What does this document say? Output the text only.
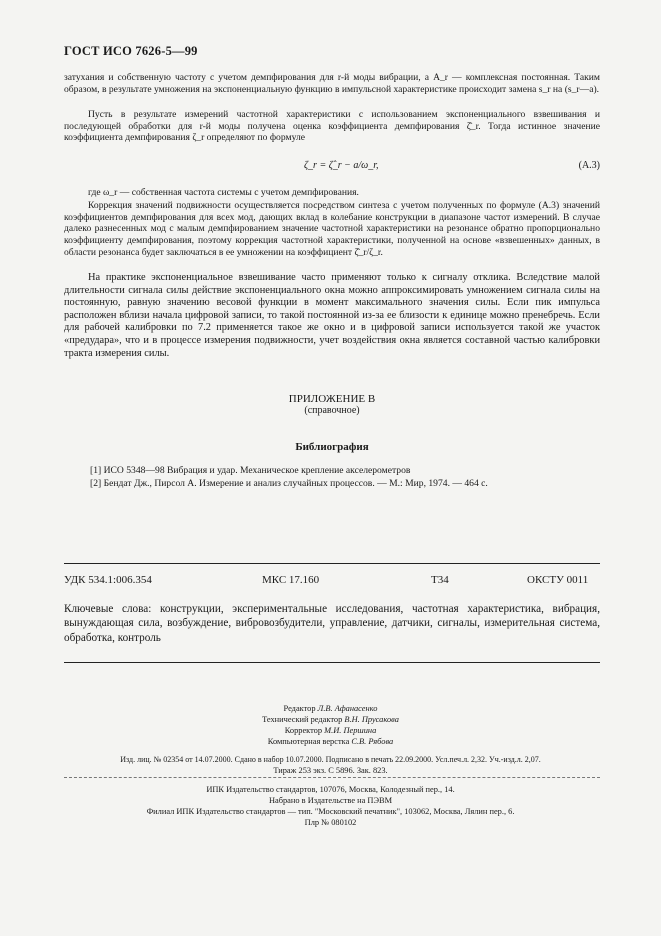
ГОСТ ИСО 7626-5—99
затухания и собственную частоту с учетом демпфирования для r-й моды вибрации, а A_r — комплексная постоянная. Таким образом, в результате умножения на экспоненциальную функцию в импульсной характеристике происходит замена s_r на (s_r—a).
Пусть в результате измерений частотной характеристики с использованием экспоненциального взвешивания и последующей обработки для r-й моды получена оценка коэффициента демпфирования ζ̂_r. Тогда истинное значение коэффициента демпфирования ζ_r определяют по формуле
ζ_r = ζ̂_r − a/ω_r,	(А.3)
где ω_r — собственная частота системы с учетом демпфирования.
Коррекция значений подвижности осуществляется посредством синтеза с учетом полученных по формуле (А.3) значений коэффициентов демпфирования для всех мод, дающих вклад в колебание конструкции в диапазоне частот измерений. В случае далеко разнесенных мод с малым демпфированием значение частотной характеристики на резонансе обратно пропорционально коэффициенту демпфирования, поэтому коррекция частотной характеристики, полученной на основе «взвешенных» данных, в области резонанса будет заключаться в ее умножении на коэффициент ζ̂_r/ζ_r.
На практике экспоненциальное взвешивание часто применяют только к сигналу отклика. Вследствие малой длительности сигнала силы действие экспоненциального окна можно аппроксимировать умножением сигнала силы на постоянную, равную значению весовой функции в момент максимального значения силы. Если пик импульса расположен вблизи начала цифровой записи, то такой постоянной из-за ее близости к единице можно пренебречь. Если для рабочей калибровки по 7.2 применяется такое же окно и в цифровой записи используется такой же участок «предудара», что и в процессе измерения подвижности, учет воздействия окна является составной частью калибровки тракта измерения силы.
ПРИЛОЖЕНИЕ В
(справочное)
Библиография
[1] ИСО 5348—98 Вибрация и удар. Механическое крепление акселерометров
[2] Бендат Дж., Пирсол А. Измерение и анализ случайных процессов. — М.: Мир, 1974. — 464 с.
УДК 534.1:006.354	МКС 17.160	Т34	ОКСТУ 0011
Ключевые слова: конструкции, экспериментальные исследования, частотная характеристика, вибрация, вынуждающая сила, возбуждение, вибровозбудители, управление, датчики, сигналы, измерительная система, обработка, контроль
Редактор Л.В. Афанасенко
Технический редактор В.Н. Прусакова
Корректор М.И. Першина
Компьютерная верстка С.В. Рябова
Изд. лиц. № 02354 от 14.07.2000. Сдано в набор 10.07.2000. Подписано в печать 22.09.2000. Усл.печ.л. 2,32. Уч.-изд.л. 2,07.
Тираж 253 экз. С 5896. Зак. 823.
ИПК Издательство стандартов, 107076, Москва, Колодезный пер., 14.
Набрано в Издательстве на ПЭВМ
Филиал ИПК Издательство стандартов — тип. "Московский печатник", 103062, Москва, Лялин пер., 6.
Плр № 080102
